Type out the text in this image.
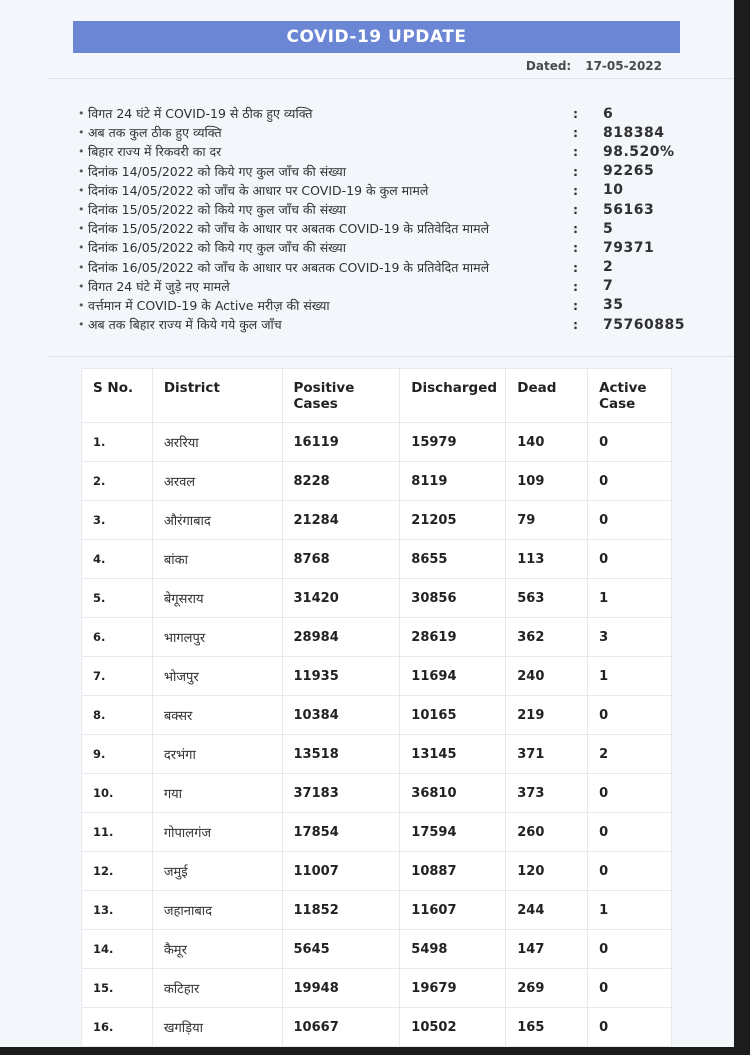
COVID-19 UPDATE
Dated: 17-05-2022
• विगत 24 घंटे में COVID-19 से ठीक हुए व्यक्ति	:	6
• अब तक कुल ठीक हुए व्यक्ति	:	818384
• बिहार राज्य में रिकवरी का दर	:	98.520%
• दिनांक 14/05/2022 को किये गए कुल जाँच की संख्या	:	92265
• दिनांक 14/05/2022 को जाँच के आधार पर COVID-19 के कुल मामले	:	10
• दिनांक 15/05/2022 को किये गए कुल जाँच की संख्या	:	56163
• दिनांक 15/05/2022 को जाँच के आधार पर अबतक COVID-19 के प्रतिवेदित मामले	:	5
• दिनांक 16/05/2022 को किये गए कुल जाँच की संख्या	:	79371
• दिनांक 16/05/2022 को जाँच के आधार पर अबतक COVID-19 के प्रतिवेदित मामले	:	2
• विगत 24 घंटे में जुड़े नए मामले	:	7
• वर्त्तमान में COVID-19 के Active मरीज़ की संख्या	:	35
• अब तक बिहार राज्य में किये गये कुल जाँच	:	75760885
S No.	District	Positive Cases	Discharged	Dead	Active Case
1.	अररिया	16119	15979	140	0
2.	अरवल	8228	8119	109	0
3.	औरंगाबाद	21284	21205	79	0
4.	बांका	8768	8655	113	0
5.	बेगूसराय	31420	30856	563	1
6.	भागलपुर	28984	28619	362	3
7.	भोजपुर	11935	11694	240	1
8.	बक्सर	10384	10165	219	0
9.	दरभंगा	13518	13145	371	2
10.	गया	37183	36810	373	0
11.	गोपालगंज	17854	17594	260	0
12.	जमुई	11007	10887	120	0
13.	जहानाबाद	11852	11607	244	1
14.	कैमूर	5645	5498	147	0
15.	कटिहार	19948	19679	269	0
16.	खगड़िया	10667	10502	165	0
